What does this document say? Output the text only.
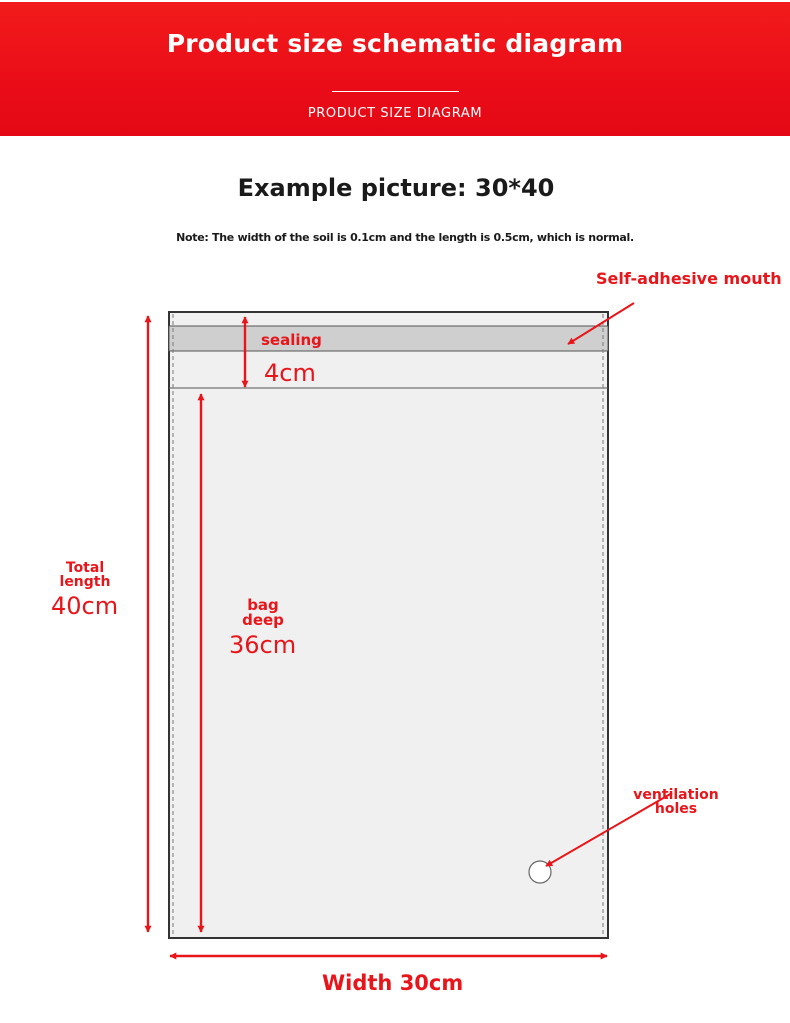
Product size schematic diagram
PRODUCT SIZE DIAGRAM
Example picture: 30*40
Note: The width of the soil is 0.1cm and the length is 0.5cm, which is normal.
Self-adhesive mouth
sealing
4cm
Total
length
40cm	bag
deep
36cm
ventilation
holes
Width 30cm
